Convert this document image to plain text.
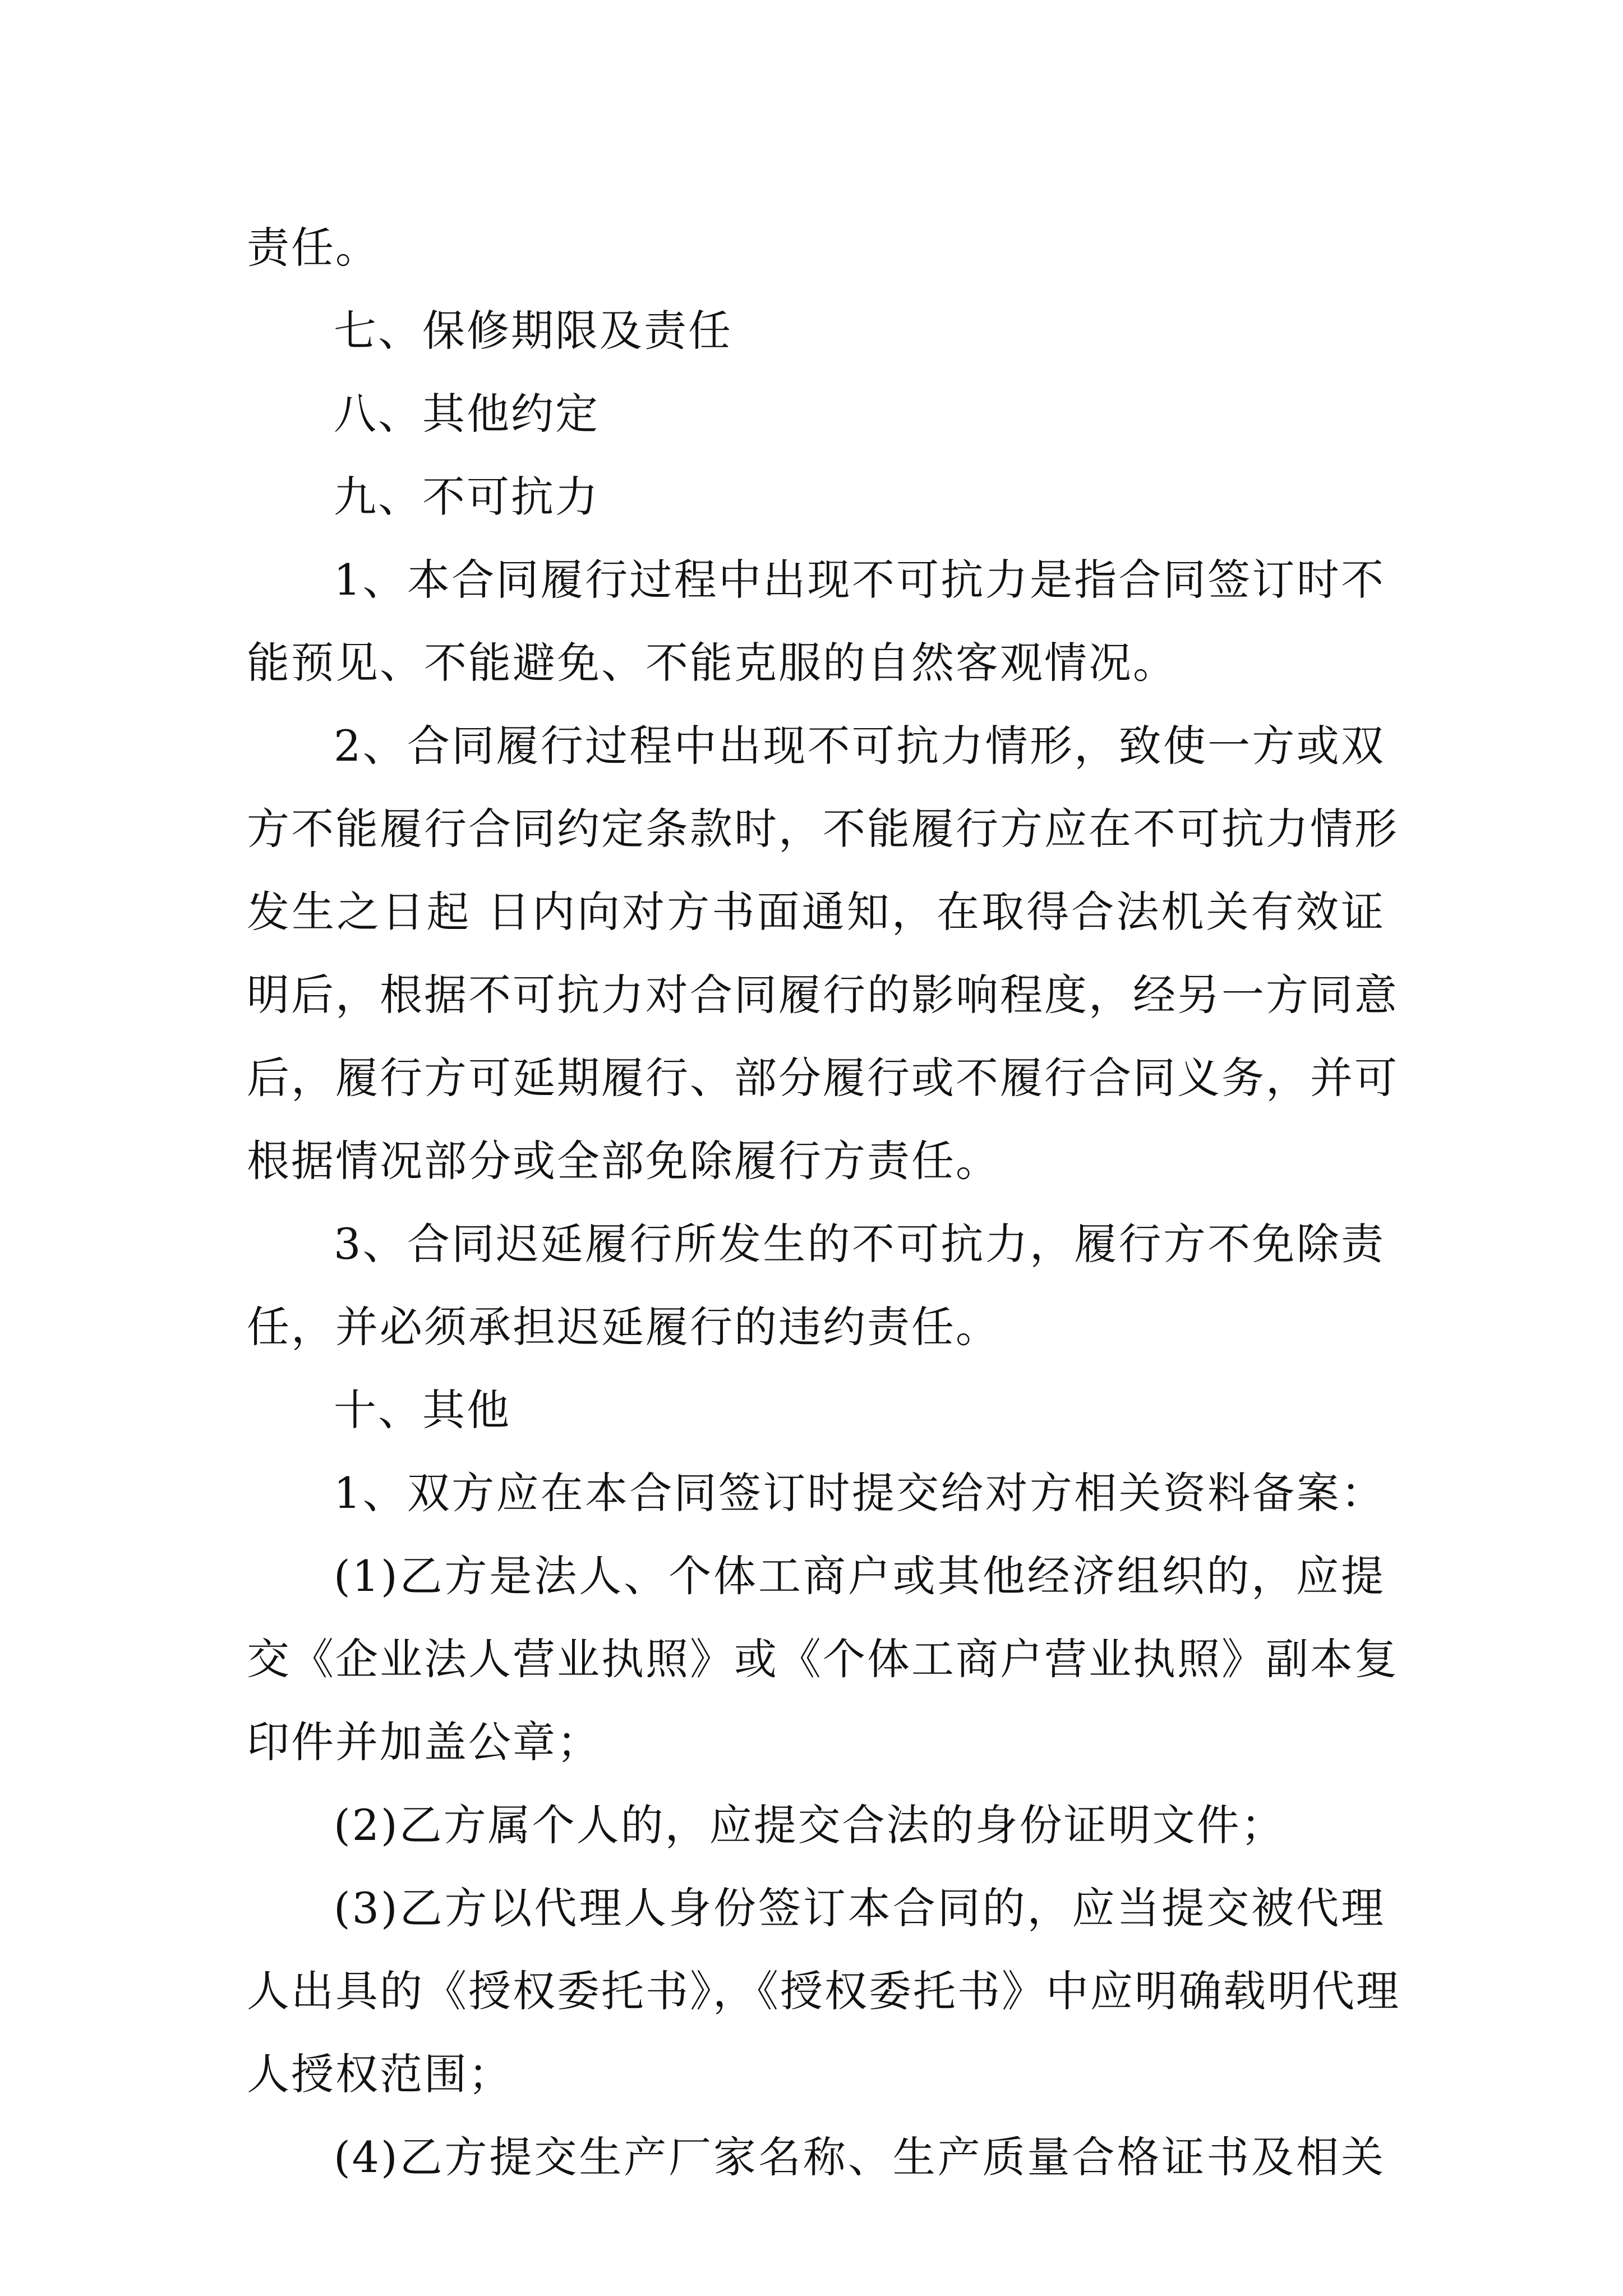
责任。
七、保修期限及责任
八、其他约定
九、不可抗力
1、本合同履行过程中出现不可抗力是指合同签订时不
能预见、不能避免、不能克服的自然客观情况。
2、合同履行过程中出现不可抗力情形，致使一方或双
方不能履行合同约定条款时，不能履行方应在不可抗力情形
发生之日起 日内向对方书面通知，在取得合法机关有效证
明后，根据不可抗力对合同履行的影响程度，经另一方同意
后，履行方可延期履行、部分履行或不履行合同义务，并可
根据情况部分或全部免除履行方责任。
3、合同迟延履行所发生的不可抗力，履行方不免除责
任，并必须承担迟延履行的违约责任。
十、其他
1、双方应在本合同签订时提交给对方相关资料备案：
(1)乙方是法人、个体工商户或其他经济组织的，应提
交《企业法人营业执照》或《个体工商户营业执照》副本复
印件并加盖公章；
(2)乙方属个人的，应提交合法的身份证明文件；
(3)乙方以代理人身份签订本合同的，应当提交被代理
人出具的《授权委托书》，《授权委托书》中应明确载明代理
人授权范围；
(4)乙方提交生产厂家名称、生产质量合格证书及相关
